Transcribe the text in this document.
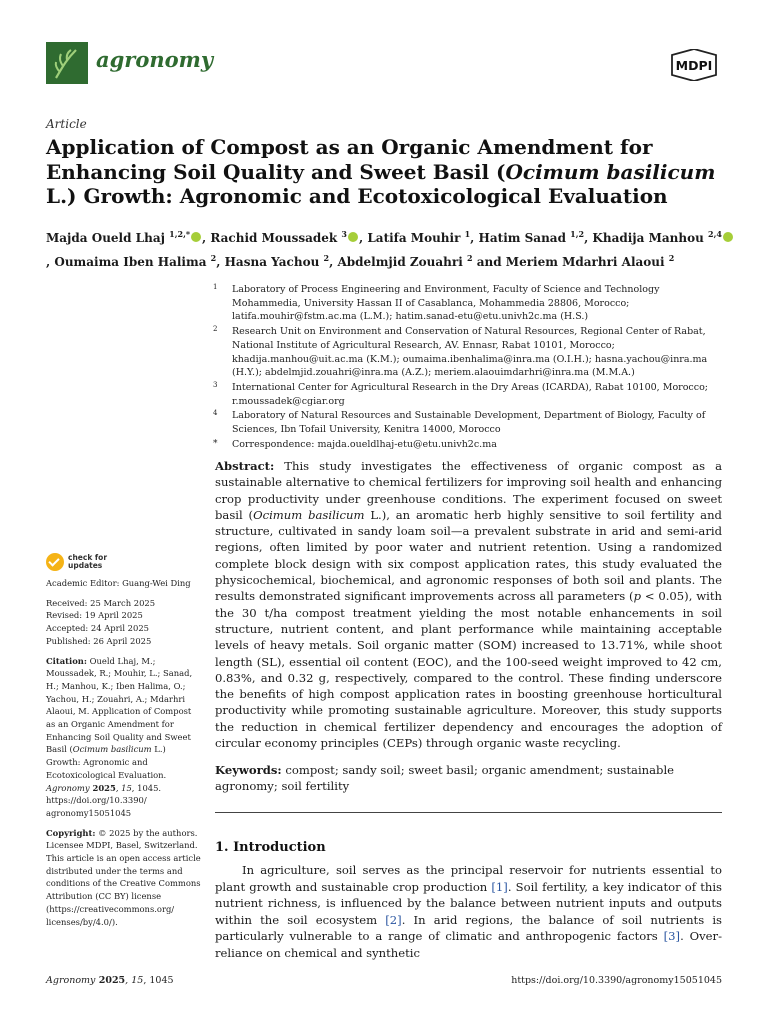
agronomy	MDPI
Article
Application of Compost as an Organic Amendment for Enhancing Soil Quality and Sweet Basil (Ocimum basilicum L.) Growth: Agronomic and Ecotoxicological Evaluation
Majda Oueld Lhaj $^{1,2,*}$ , Rachid Moussadek $^3$ , Latifa Mouhir $^1$, Hatim Sanad $^{1,2}$, Khadija Manhou $^{2,4}$, Oumaima Iben Halima $^2$, Hasna Yachou $^2$, Abdelmjid Zouahri $^2$ and Meriem Mdarhri Alaoui $^2$
1 Laboratory of Process Engineering and Environment, Faculty of Science and Technology Mohammedia, University Hassan II of Casablanca, Mohammedia 28806, Morocco; latifa.mouhir@fstm.ac.ma (L.M.); hatim.sanad-etu@etu.univh2c.ma (H.S.)
2 Research Unit on Environment and Conservation of Natural Resources, Regional Center of Rabat, National Institute of Agricultural Research, AV. Ennasr, Rabat 10101, Morocco; khadija.manhou@uit.ac.ma (K.M.); oumaima.ibenhalima@inra.ma (O.I.H.); hasna.yachou@inra.ma (H.Y.); abdelmjid.zouahri@inra.ma (A.Z.); meriem.alaouimdarhri@inra.ma (M.M.A.)
3 International Center for Agricultural Research in the Dry Areas (ICARDA), Rabat 10100, Morocco; r.moussadek@cgiar.org
4 Laboratory of Natural Resources and Sustainable Development, Department of Biology, Faculty of Sciences, Ibn Tofail University, Kenitra 14000, Morocco
* Correspondence: majda.oueldlhaj-etu@etu.univh2c.ma
check for
updates
Academic Editor: Guang-Wei Ding
Received: 25 March 2025
Revised: 19 April 2025
Accepted: 24 April 2025
Published: 26 April 2025
Citation: Oueld Lhaj, M.; Moussadek, R.; Mouhir, L.; Sanad, H.; Manhou, K.; Iben Halima, O.; Yachou, H.; Zouahri, A.; Mdarhri Alaoui, M. Application of Compost as an Organic Amendment for Enhancing Soil Quality and Sweet Basil (Ocimum basilicum L.) Growth: Agronomic and Ecotoxicological Evaluation. Agronomy 2025, 15, 1045. https://doi.org/10.3390/ agronomy15051045
Copyright: © 2025 by the authors. Licensee MDPI, Basel, Switzerland. This article is an open access article distributed under the terms and conditions of the Creative Commons Attribution (CC BY) license (https://creativecommons.org/ licenses/by/4.0/).
Abstract: This study investigates the effectiveness of organic compost as a sustainable alternative to chemical fertilizers for improving soil health and enhancing crop productivity under greenhouse conditions. The experiment focused on sweet basil (Ocimum basilicum L.), an aromatic herb highly sensitive to soil fertility and structure, cultivated in sandy loam soil—a prevalent substrate in arid and semi-arid regions, often limited by poor water and nutrient retention. Using a randomized complete block design with six compost application rates, this study evaluated the physicochemical, biochemical, and agronomic responses of both soil and plants. The results demonstrated significant improvements across all parameters (p < 0.05), with the 30 t/ha compost treatment yielding the most notable enhancements in soil structure, nutrient content, and plant performance while maintaining acceptable levels of heavy metals. Soil organic matter (SOM) increased to 13.71%, while shoot length (SL), essential oil content (EOC), and the 100-seed weight improved to 42 cm, 0.83%, and 0.32 g, respectively, compared to the control. These finding underscore the benefits of high compost application rates in boosting greenhouse horticultural productivity while promoting sustainable agriculture. Moreover, this study supports the reduction in chemical fertilizer dependency and encourages the adoption of circular economy principles (CEPs) through organic waste recycling.
Keywords: compost; sandy soil; sweet basil; organic amendment; sustainable agronomy; soil fertility
1. Introduction
In agriculture, soil serves as the principal reservoir for nutrients essential to plant growth and sustainable crop production [1]. Soil fertility, a key indicator of this nutrient richness, is influenced by the balance between nutrient inputs and outputs within the soil ecosystem [2]. In arid regions, the balance of soil nutrients is particularly vulnerable to a range of climatic and anthropogenic factors [3]. Over-reliance on chemical and synthetic
Agronomy 2025, 15, 1045	https://doi.org/10.3390/agronomy15051045
